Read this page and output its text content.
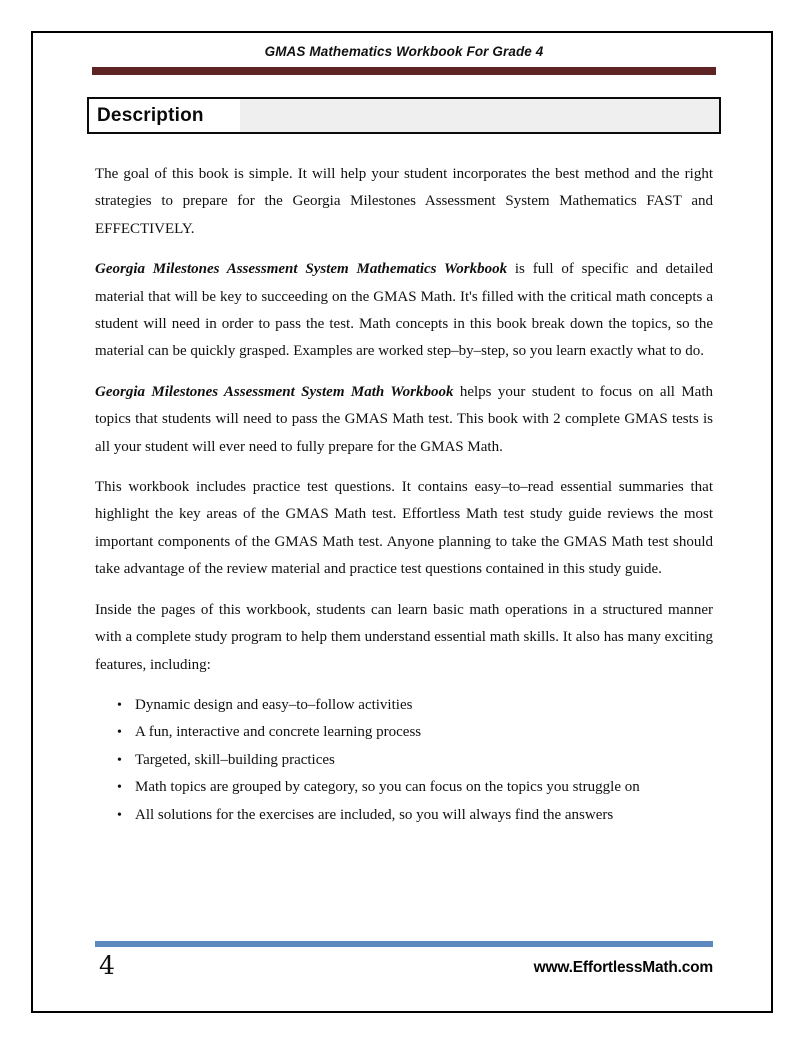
GMAS Mathematics Workbook For Grade 4
Description

The goal of this book is simple. It will help your student incorporates the best method and the right strategies to prepare for the Georgia Milestones Assessment System Mathematics FAST and EFFECTIVELY.

Georgia Milestones Assessment System Mathematics Workbook is full of specific and detailed material that will be key to succeeding on the GMAS Math. It's filled with the critical math concepts a student will need in order to pass the test. Math concepts in this book break down the topics, so the material can be quickly grasped. Examples are worked step–by–step, so you learn exactly what to do.

Georgia Milestones Assessment System Math Workbook helps your student to focus on all Math topics that students will need to pass the GMAS Math test. This book with 2 complete GMAS tests is all your student will ever need to fully prepare for the GMAS Math.

This workbook includes practice test questions. It contains easy–to–read essential summaries that highlight the key areas of the GMAS Math test. Effortless Math test study guide reviews the most important components of the GMAS Math test. Anyone planning to take the GMAS Math test should take advantage of the review material and practice test questions contained in this study guide.

Inside the pages of this workbook, students can learn basic math operations in a structured manner with a complete study program to help them understand essential math skills. It also has many exciting features, including:

• Dynamic design and easy–to–follow activities
• A fun, interactive and concrete learning process
• Targeted, skill–building practices
• Math topics are grouped by category, so you can focus on the topics you struggle on
• All solutions for the exercises are included, so you will always find the answers
4	www.EffortlessMath.com
